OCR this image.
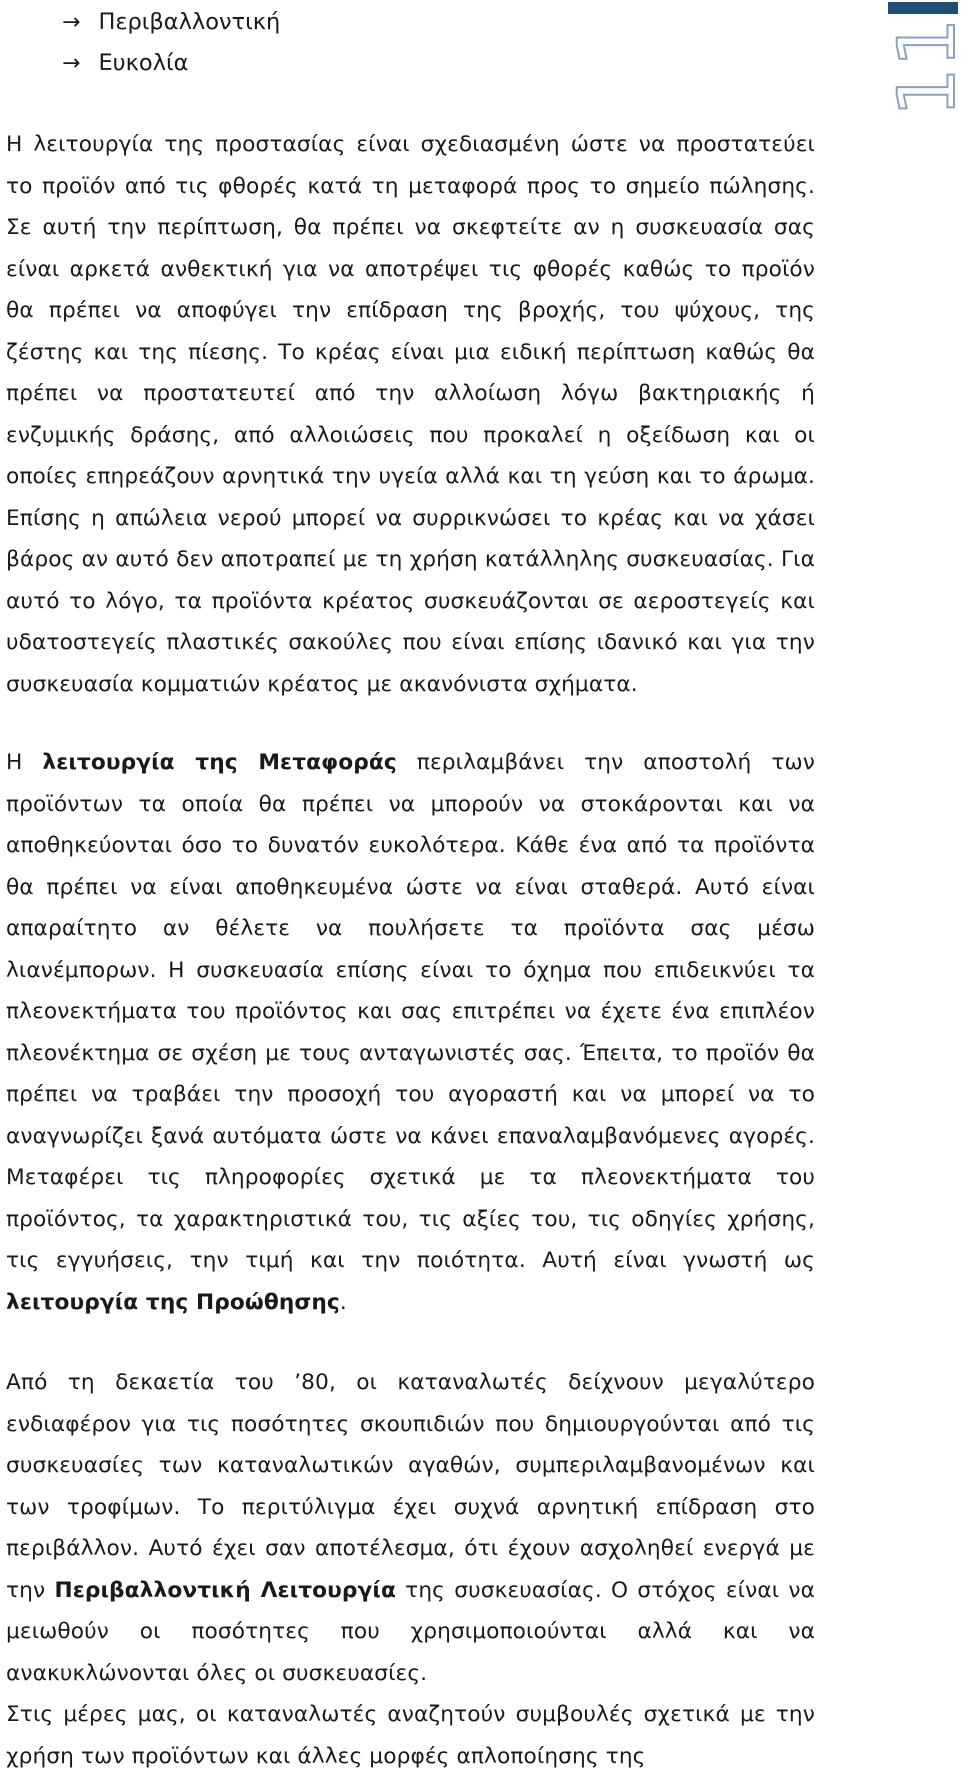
11
→ Περιβαλλοντική
→ Ευκολία

Η λειτουργία της προστασίας είναι σχεδιασμένη ώστε να προστατεύει το προϊόν από τις φθορές κατά τη μεταφορά προς το σημείο πώλησης. Σε αυτή την περίπτωση, θα πρέπει να σκεφτείτε αν η συσκευασία σας είναι αρκετά ανθεκτική για να αποτρέψει τις φθορές καθώς το προϊόν θα πρέπει να αποφύγει την επίδραση της βροχής, του ψύχους, της ζέστης και της πίεσης. Το κρέας είναι μια ειδική περίπτωση καθώς θα πρέπει να προστατευτεί από την αλλοίωση λόγω βακτηριακής ή ενζυμικής δράσης, από αλλοιώσεις που προκαλεί η οξείδωση και οι οποίες επηρεάζουν αρνητικά την υγεία αλλά και τη γεύση και το άρωμα. Επίσης η απώλεια νερού μπορεί να συρρικνώσει το κρέας και να χάσει βάρος αν αυτό δεν αποτραπεί με τη χρήση κατάλληλης συσκευασίας. Για αυτό το λόγο, τα προϊόντα κρέατος συσκευάζονται σε αεροστεγείς και υδατοστεγείς πλαστικές σακούλες που είναι επίσης ιδανικό και για την συσκευασία κομματιών κρέατος με ακανόνιστα σχήματα.

Η λειτουργία της Μεταφοράς περιλαμβάνει την αποστολή των προϊόντων τα οποία θα πρέπει να μπορούν να στοκάρονται και να αποθηκεύονται όσο το δυνατόν ευκολότερα. Κάθε ένα από τα προϊόντα θα πρέπει να είναι αποθηκευμένα ώστε να είναι σταθερά. Αυτό είναι απαραίτητο αν θέλετε να πουλήσετε τα προϊόντα σας μέσω λιανέμπορων. Η συσκευασία επίσης είναι το όχημα που επιδεικνύει τα πλεονεκτήματα του προϊόντος και σας επιτρέπει να έχετε ένα επιπλέον πλεονέκτημα σε σχέση με τους ανταγωνιστές σας. Έπειτα, το προϊόν θα πρέπει να τραβάει την προσοχή του αγοραστή και να μπορεί να το αναγνωρίζει ξανά αυτόματα ώστε να κάνει επαναλαμβανόμενες αγορές. Μεταφέρει τις πληροφορίες σχετικά με τα πλεονεκτήματα του προϊόντος, τα χαρακτηριστικά του, τις αξίες του, τις οδηγίες χρήσης, τις εγγυήσεις, την τιμή και την ποιότητα. Αυτή είναι γνωστή ως λειτουργία της Προώθησης.

Από τη δεκαετία του ’80, οι καταναλωτές δείχνουν μεγαλύτερο ενδιαφέρον για τις ποσότητες σκουπιδιών που δημιουργούνται από τις συσκευασίες των καταναλωτικών αγαθών, συμπεριλαμβανομένων και των τροφίμων. Το περιτύλιγμα έχει συχνά αρνητική επίδραση στο περιβάλλον. Αυτό έχει σαν αποτέλεσμα, ότι έχουν ασχοληθεί ενεργά με την Περιβαλλοντική Λειτουργία της συσκευασίας. Ο στόχος είναι να μειωθούν οι ποσότητες που χρησιμοποιούνται αλλά και να ανακυκλώνονται όλες οι συσκευασίες.

Στις μέρες μας, οι καταναλωτές αναζητούν συμβουλές σχετικά με την χρήση των προϊόντων και άλλες μορφές απλοποίησης της
